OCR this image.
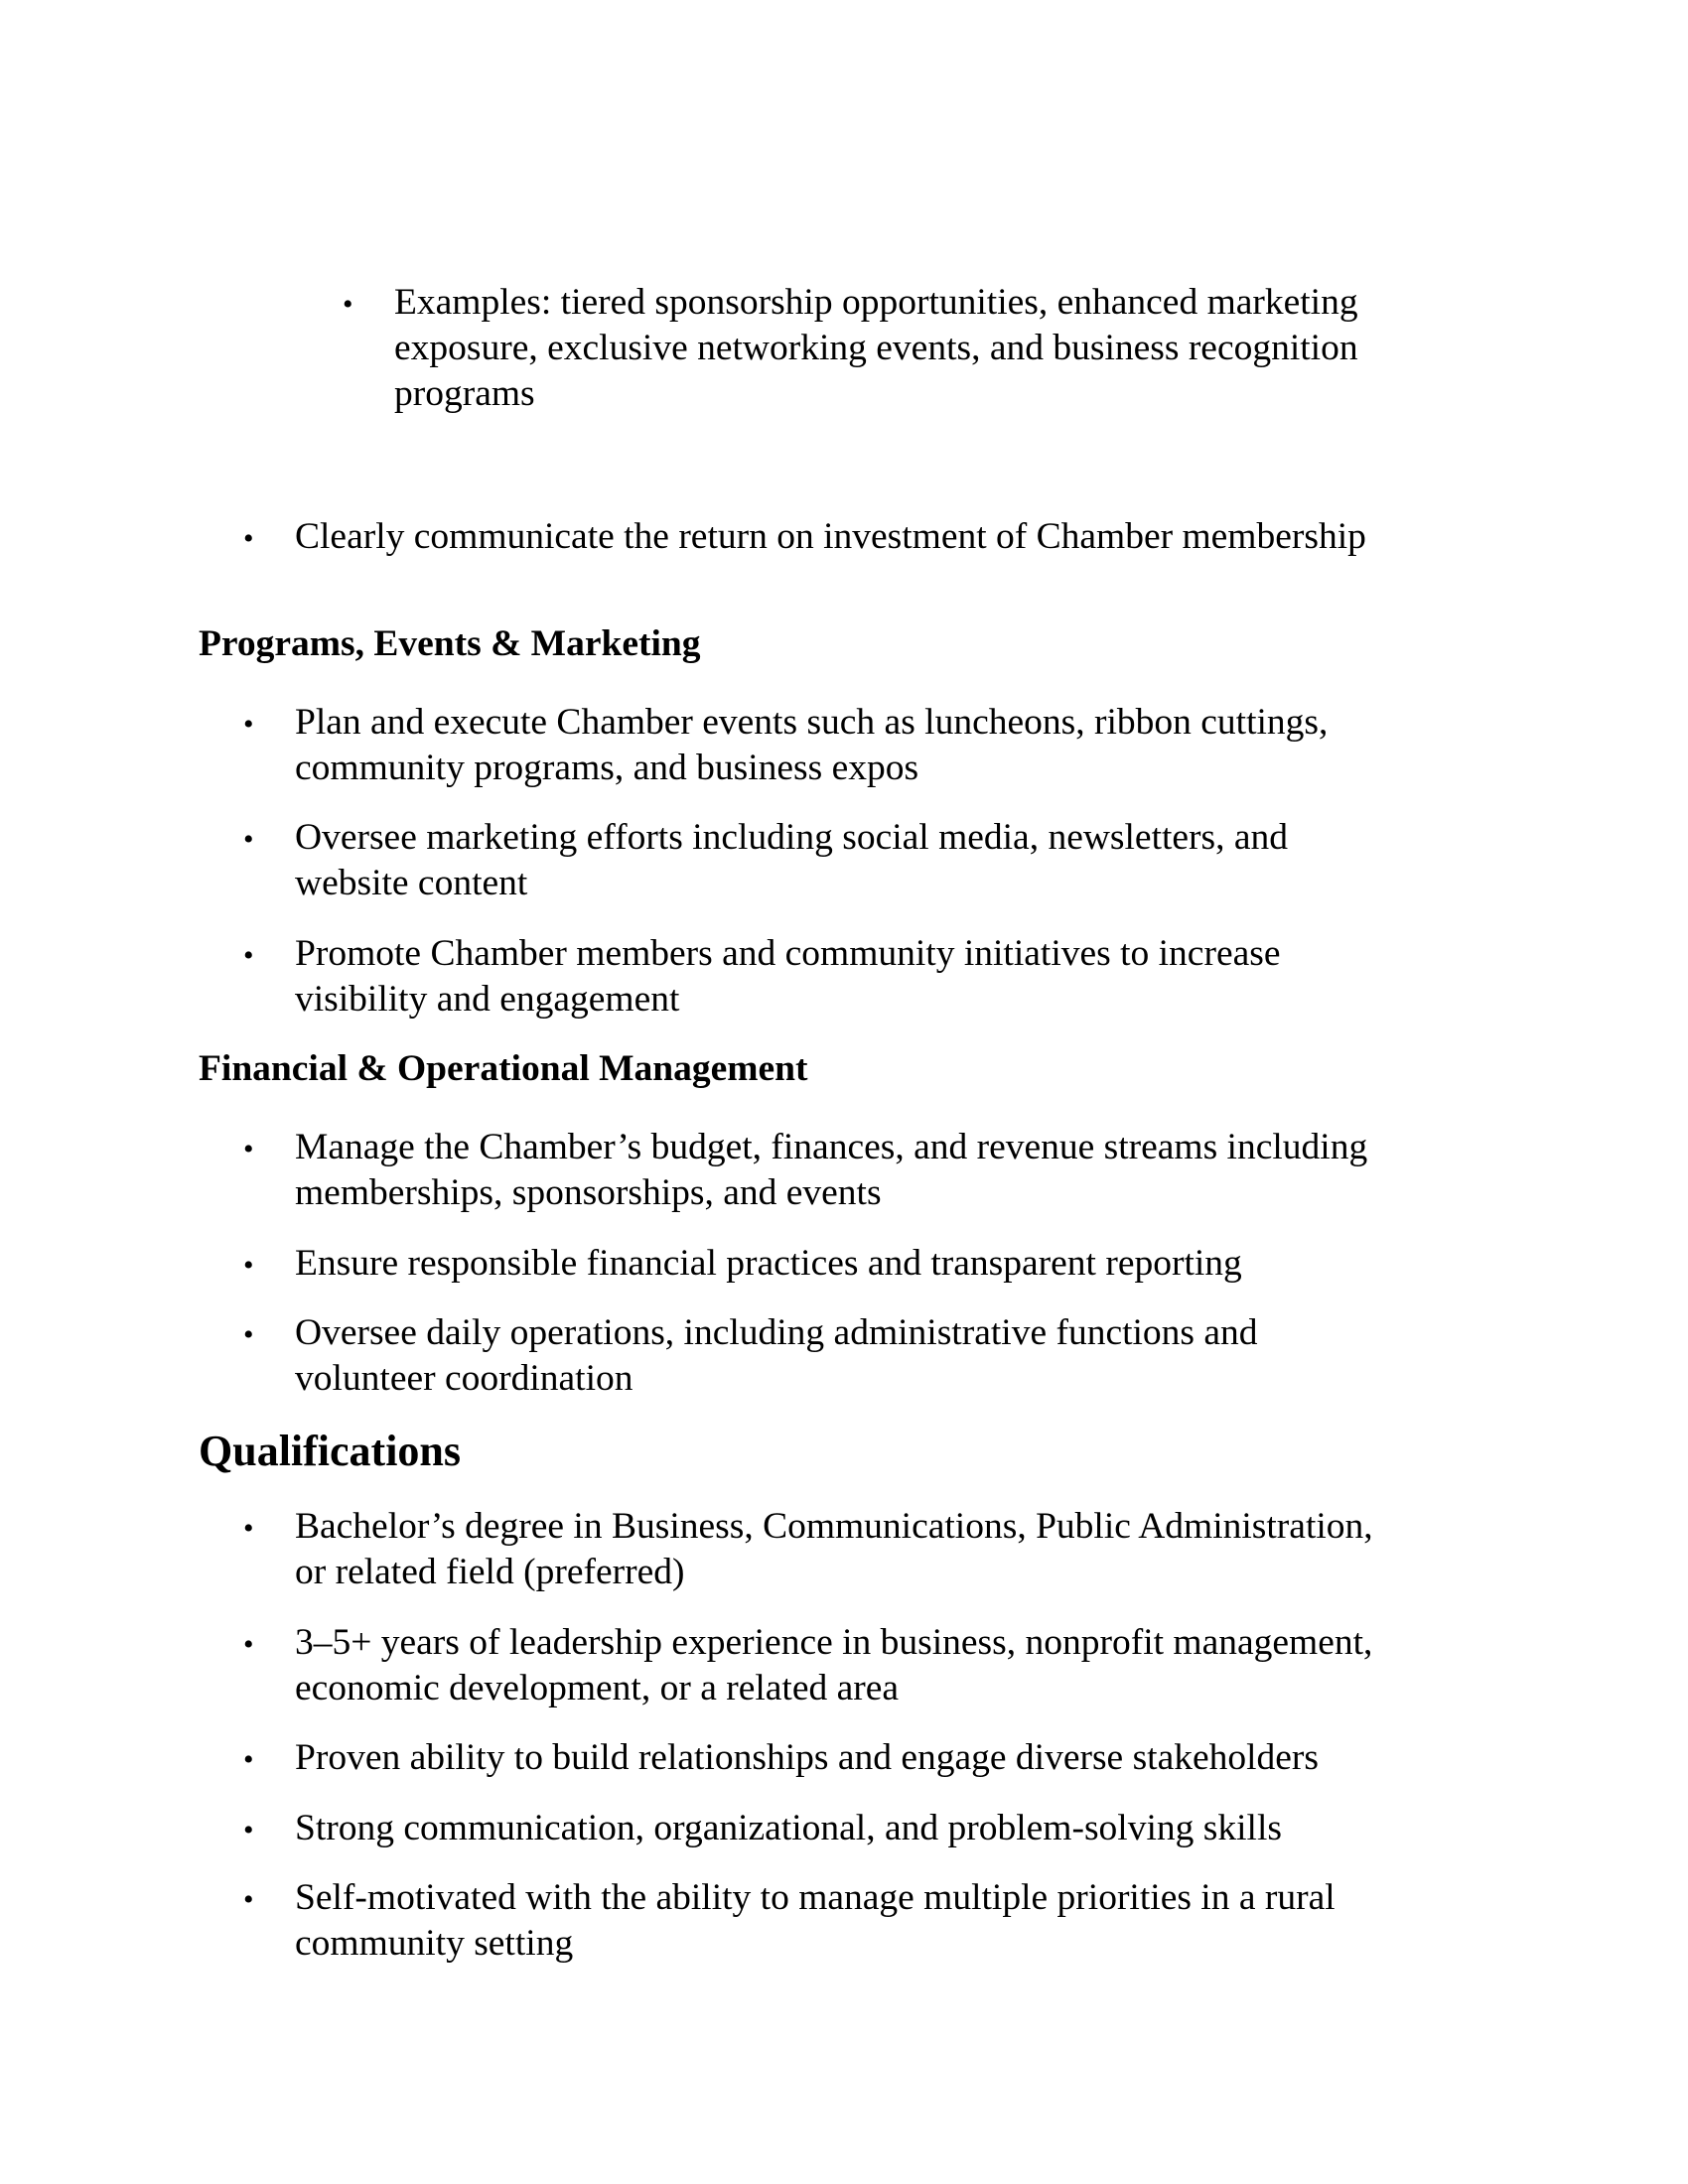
• Examples: tiered sponsorship opportunities, enhanced marketing
exposure, exclusive networking events, and business recognition
programs
• Clearly communicate the return on investment of Chamber membership
Programs, Events & Marketing
• Plan and execute Chamber events such as luncheons, ribbon cuttings,
community programs, and business expos
• Oversee marketing efforts including social media, newsletters, and
website content
• Promote Chamber members and community initiatives to increase
visibility and engagement
Financial & Operational Management
• Manage the Chamber’s budget, finances, and revenue streams including
memberships, sponsorships, and events
• Ensure responsible financial practices and transparent reporting
• Oversee daily operations, including administrative functions and
volunteer coordination
Qualifications
• Bachelor’s degree in Business, Communications, Public Administration,
or related field (preferred)
• 3–5+ years of leadership experience in business, nonprofit management,
economic development, or a related area
• Proven ability to build relationships and engage diverse stakeholders
• Strong communication, organizational, and problem-solving skills
• Self-motivated with the ability to manage multiple priorities in a rural
community setting
